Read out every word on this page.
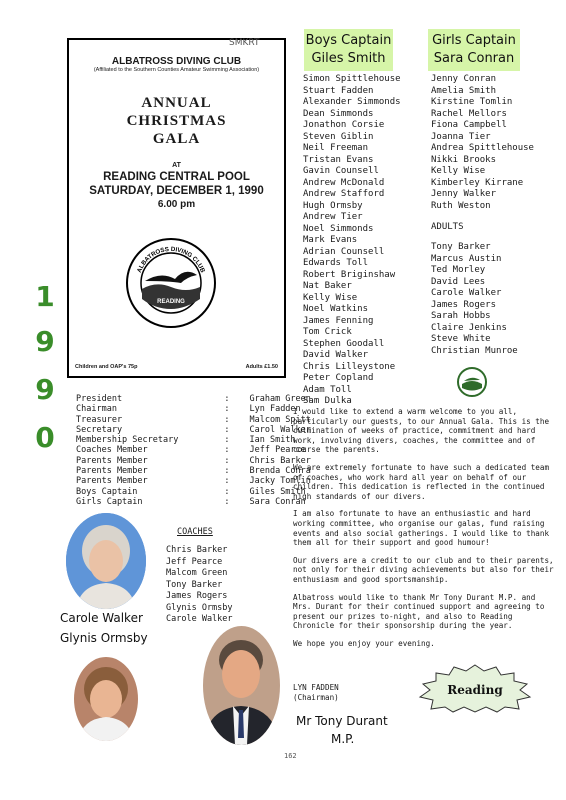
SMKRT
ALBATROSS DIVING CLUB
(Affiliated to the Southern Counties Amateur Swimming Association)
ANNUAL
CHRISTMAS
GALA
AT
READING CENTRAL POOL
SATURDAY, DECEMBER 1, 1990
6.00 pm
ALBATROSS DIVING CLUB
READING
Children and OAP's 75p	Adults £1.50
Boys Captain
Giles Smith
Girls Captain
Sara Conran
Simon Spittlehouse
Stuart Fadden
Alexander Simmonds
Dean Simmonds
Jonathon Corsie
Steven Giblin
Neil Freeman
Tristan Evans
Gavin Counsell
Andrew McDonald
Andrew Stafford
Hugh Ormsby
Andrew Tier
Noel Simmonds
Mark Evans
Adrian Counsell
Edwards Toll
Robert Briginshaw
Nat Baker
Kelly Wise
Noel Watkins
James Fenning
Tom Crick
Stephen Goodall
David Walker
Chris Lilleystone
Peter Copland
Adam Toll
Sam Dulka
Jenny Conran
Amelia Smith
Kirstine Tomlin
Rachel Mellors
Fiona Campbell
Joanna Tier
Andrea Spittlehouse
Nikki Brooks
Kelly Wise
Kimberley Kirrane
Jenny Walker
Ruth Weston
ADULTS
Tony Barker
Marcus Austin
Ted Morley
David Lees
Carole Walker
James Rogers
Sarah Hobbs
Claire Jenkins
Steve White
Christian Munroe
1
9
9
0
President	:	Graham Green
Chairman	:	Lyn Fadden
Treasurer	:	Malcom Spitt
Secretary	:	Carol Walker
Membership Secretary	:	Ian Smith
Coaches Member	:	Jeff Pearce
Parents Member	:	Chris Barker
Parents Member	:	Brenda Conra
Parents Member	:	Jacky Tomlin
Boys Captain	:	Giles Smith
Girls Captain	:	Sara Conran
COACHES
Chris Barker
Jeff Pearce
Malcom Green
Tony Barker
James Rogers
Glynis Ormsby
Carole Walker

I would like to extend a warm welcome to you all, particularly our guests, to our Annual Gala. This is the culmination of weeks of practice, commitment and hard work, involving divers, coaches, the committee and of course the parents.

We are extremely fortunate to have such a dedicated team of coaches, who work hard all year on behalf of our children. This dedication is reflected in the continued high standards of our divers.

I am also fortunate to have an enthusiastic and hard working committee, who organise our galas, fund raising events and also social gatherings. I would like to thank them all for their support and good humour!

Our divers are a credit to our club and to their parents, not only for their diving achievements but also for their enthusiasm and good sportsmanship.

Albatross would like to thank Mr Tony Durant M.P. and Mrs. Durant for their continued support and agreeing to present our prizes to-night, and also to Reading Chronicle for their sponsorship during the year.

We hope you enjoy your evening.

LYN FADDEN
(Chairman)
Reading
Carole Walker
Glynis Ormsby
Mr Tony Durant
M.P.
162
